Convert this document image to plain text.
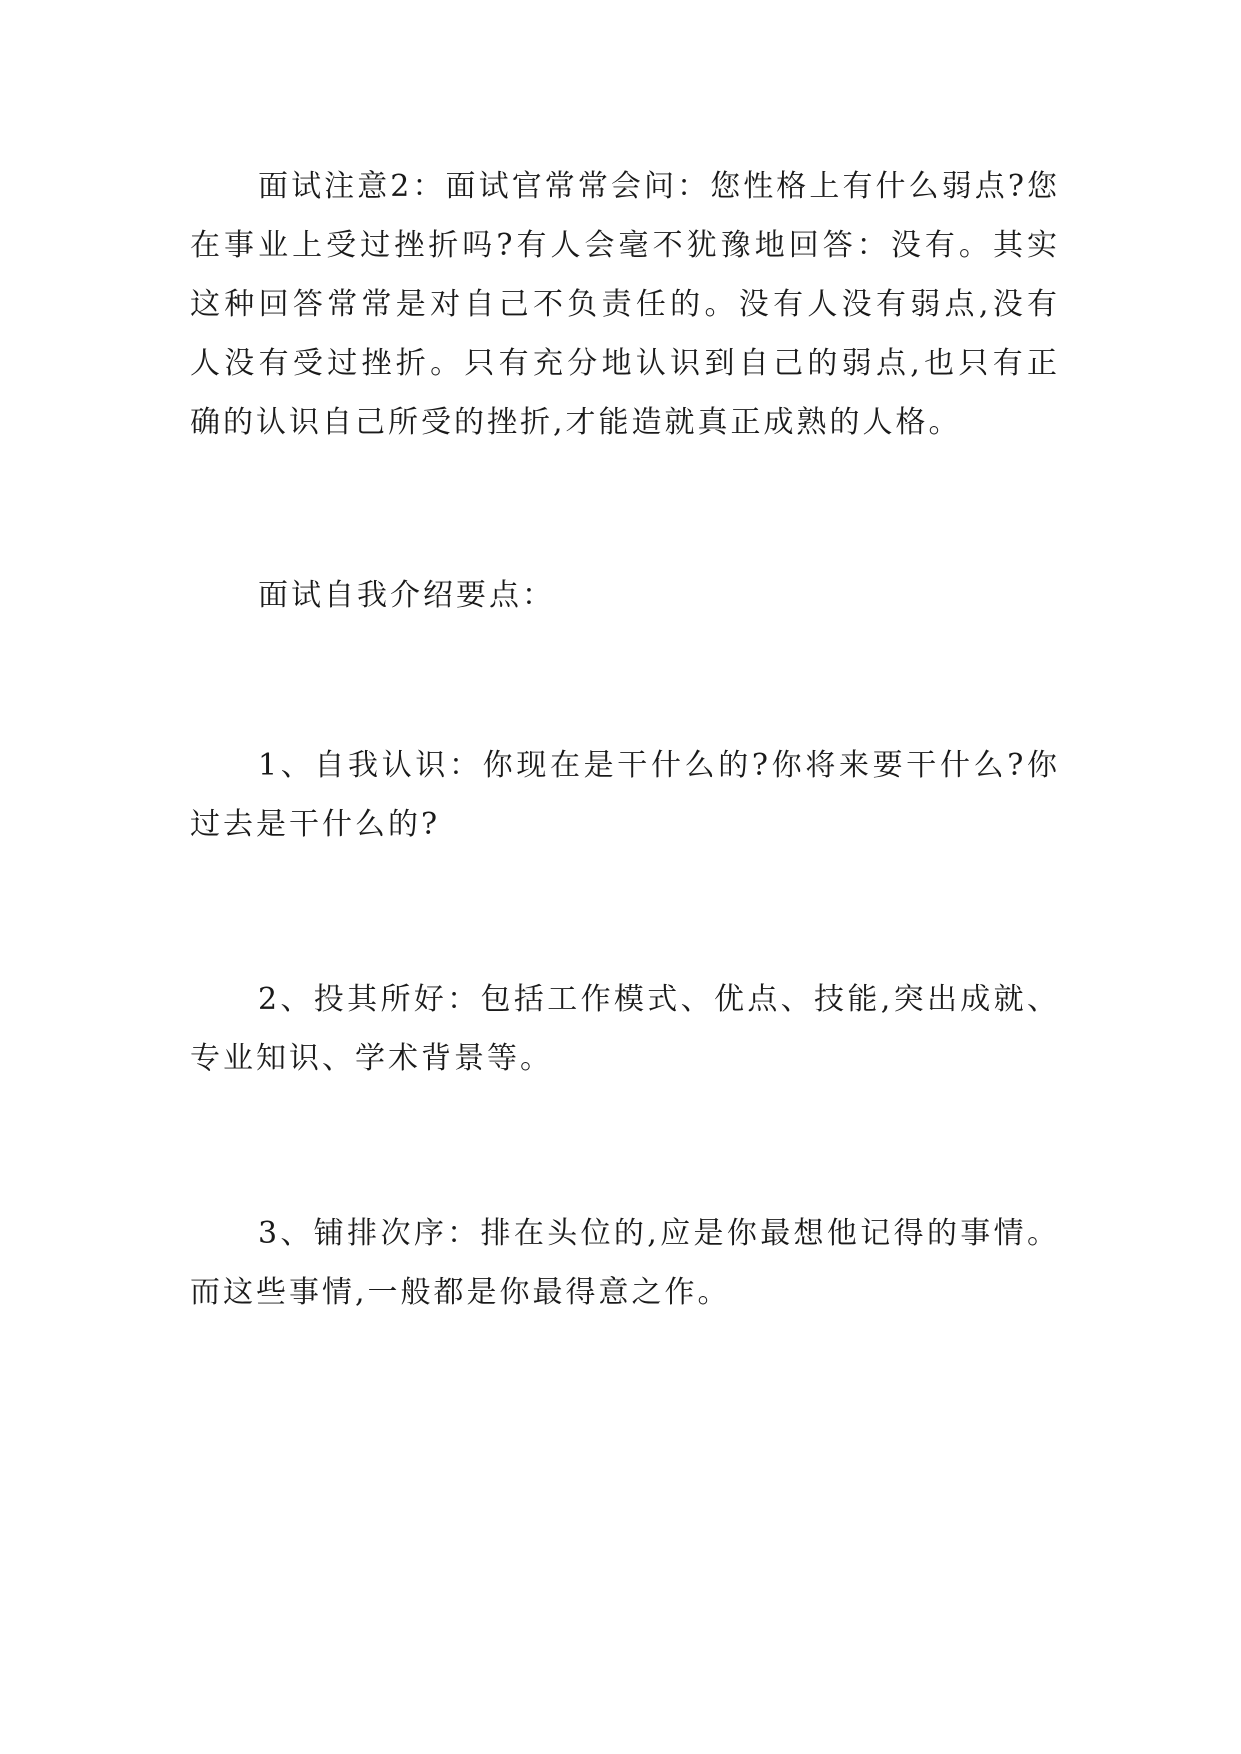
面试注意2：面试官常常会问：您性格上有什么弱点?您在事业上受过挫折吗?有人会毫不犹豫地回答：没有。其实这种回答常常是对自己不负责任的。没有人没有弱点,没有人没有受过挫折。只有充分地认识到自己的弱点,也只有正确的认识自己所受的挫折,才能造就真正成熟的人格。

面试自我介绍要点：

1、自我认识：你现在是干什么的?你将来要干什么?你过去是干什么的?

2、投其所好：包括工作模式、优点、技能,突出成就、专业知识、学术背景等。

3、铺排次序：排在头位的,应是你最想他记得的事情。而这些事情,一般都是你最得意之作。
